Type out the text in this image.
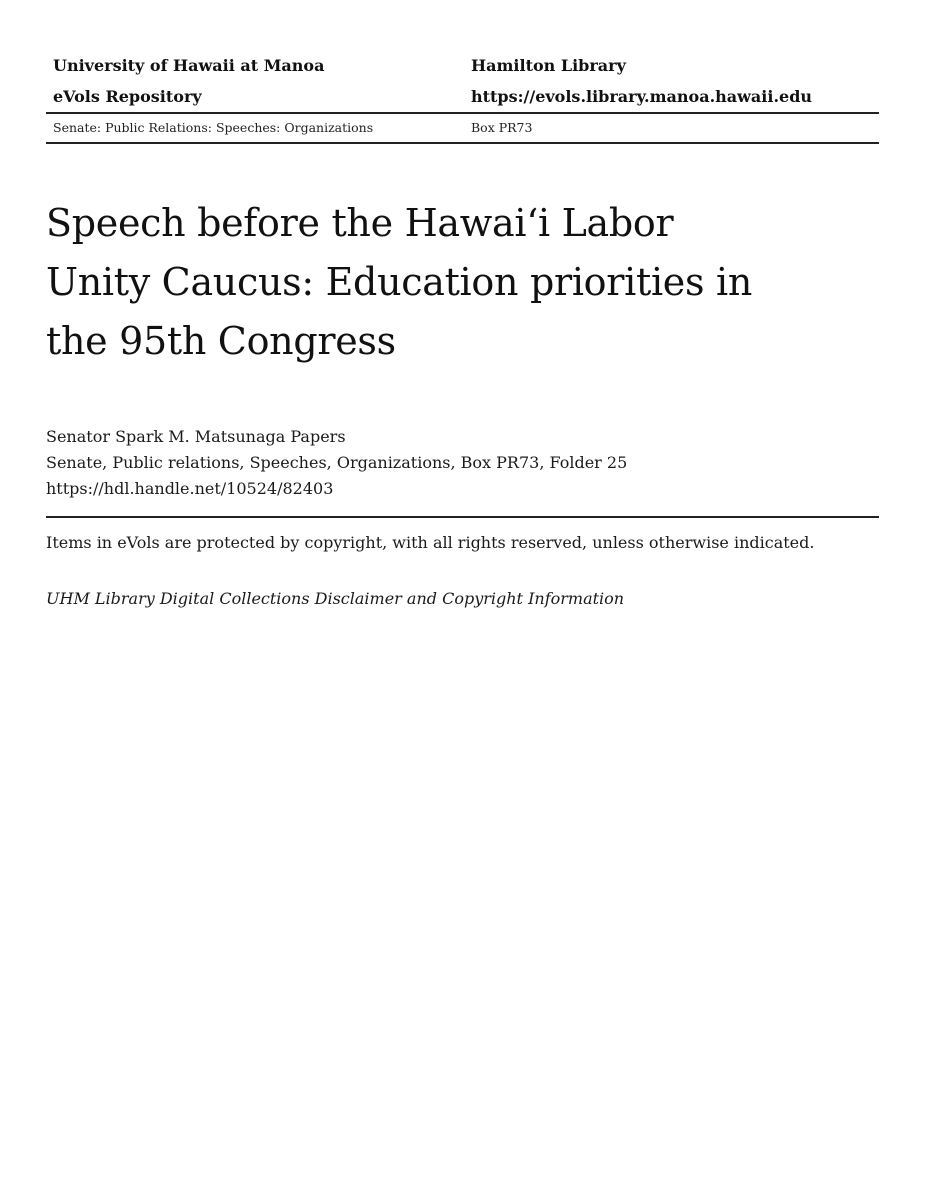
University of Hawaii at Manoa	Hamilton Library
eVols Repository	https://evols.library.manoa.hawaii.edu
Senate: Public Relations: Speeches: Organizations	Box PR73
Speech before the Hawaiʻi Labor
Unity Caucus: Education priorities in
the 95th Congress
Senator Spark M. Matsunaga Papers
Senate, Public relations, Speeches, Organizations, Box PR73, Folder 25
https://hdl.handle.net/10524/82403
Items in eVols are protected by copyright, with all rights reserved, unless otherwise indicated.
UHM Library Digital Collections Disclaimer and Copyright Information
